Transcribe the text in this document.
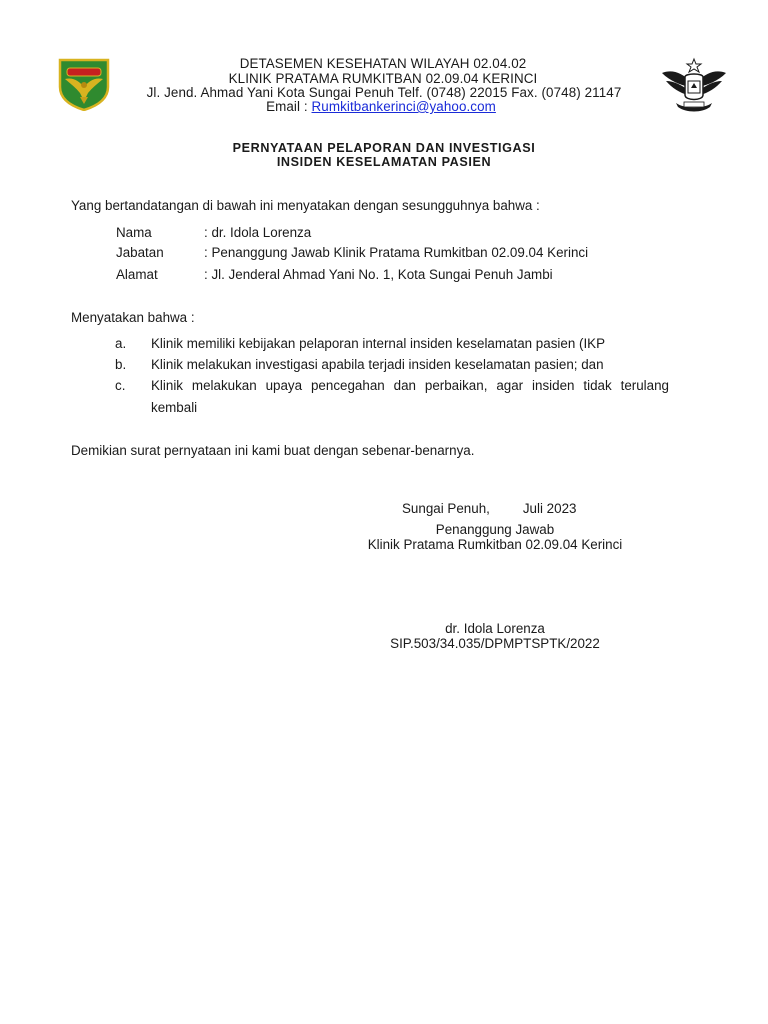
DETASEMEN KESEHATAN WILAYAH 02.04.02
KLINIK PRATAMA RUMKITBAN 02.09.04 KERINCI
Jl. Jend. Ahmad Yani Kota Sungai Penuh Telf. (0748) 22015 Fax. (0748) 21147
Email : Rumkitbankerinci@yahoo.com
PERNYATAAN PELAPORAN DAN INVESTIGASI
INSIDEN KESELAMATAN PASIEN
Yang bertandatangan di bawah ini menyatakan dengan sesungguhnya bahwa :
Nama	: dr. Idola Lorenza
Jabatan	: Penanggung Jawab Klinik Pratama Rumkitban 02.09.04 Kerinci
Alamat	: Jl. Jenderal Ahmad Yani No. 1, Kota Sungai Penuh Jambi
Menyatakan bahwa :
a. Klinik memiliki kebijakan pelaporan internal insiden keselamatan pasien (IKP
b. Klinik melakukan investigasi apabila terjadi insiden keselamatan pasien; dan
c. Klinik melakukan upaya pencegahan dan perbaikan, agar insiden tidak terulang
kembali
Demikian surat pernyataan ini kami buat dengan sebenar-benarnya.
Sungai Penuh, Juli 2023
Penanggung Jawab
Klinik Pratama Rumkitban 02.09.04 Kerinci
dr. Idola Lorenza
SIP.503/34.035/DPMPTSPTK/2022
